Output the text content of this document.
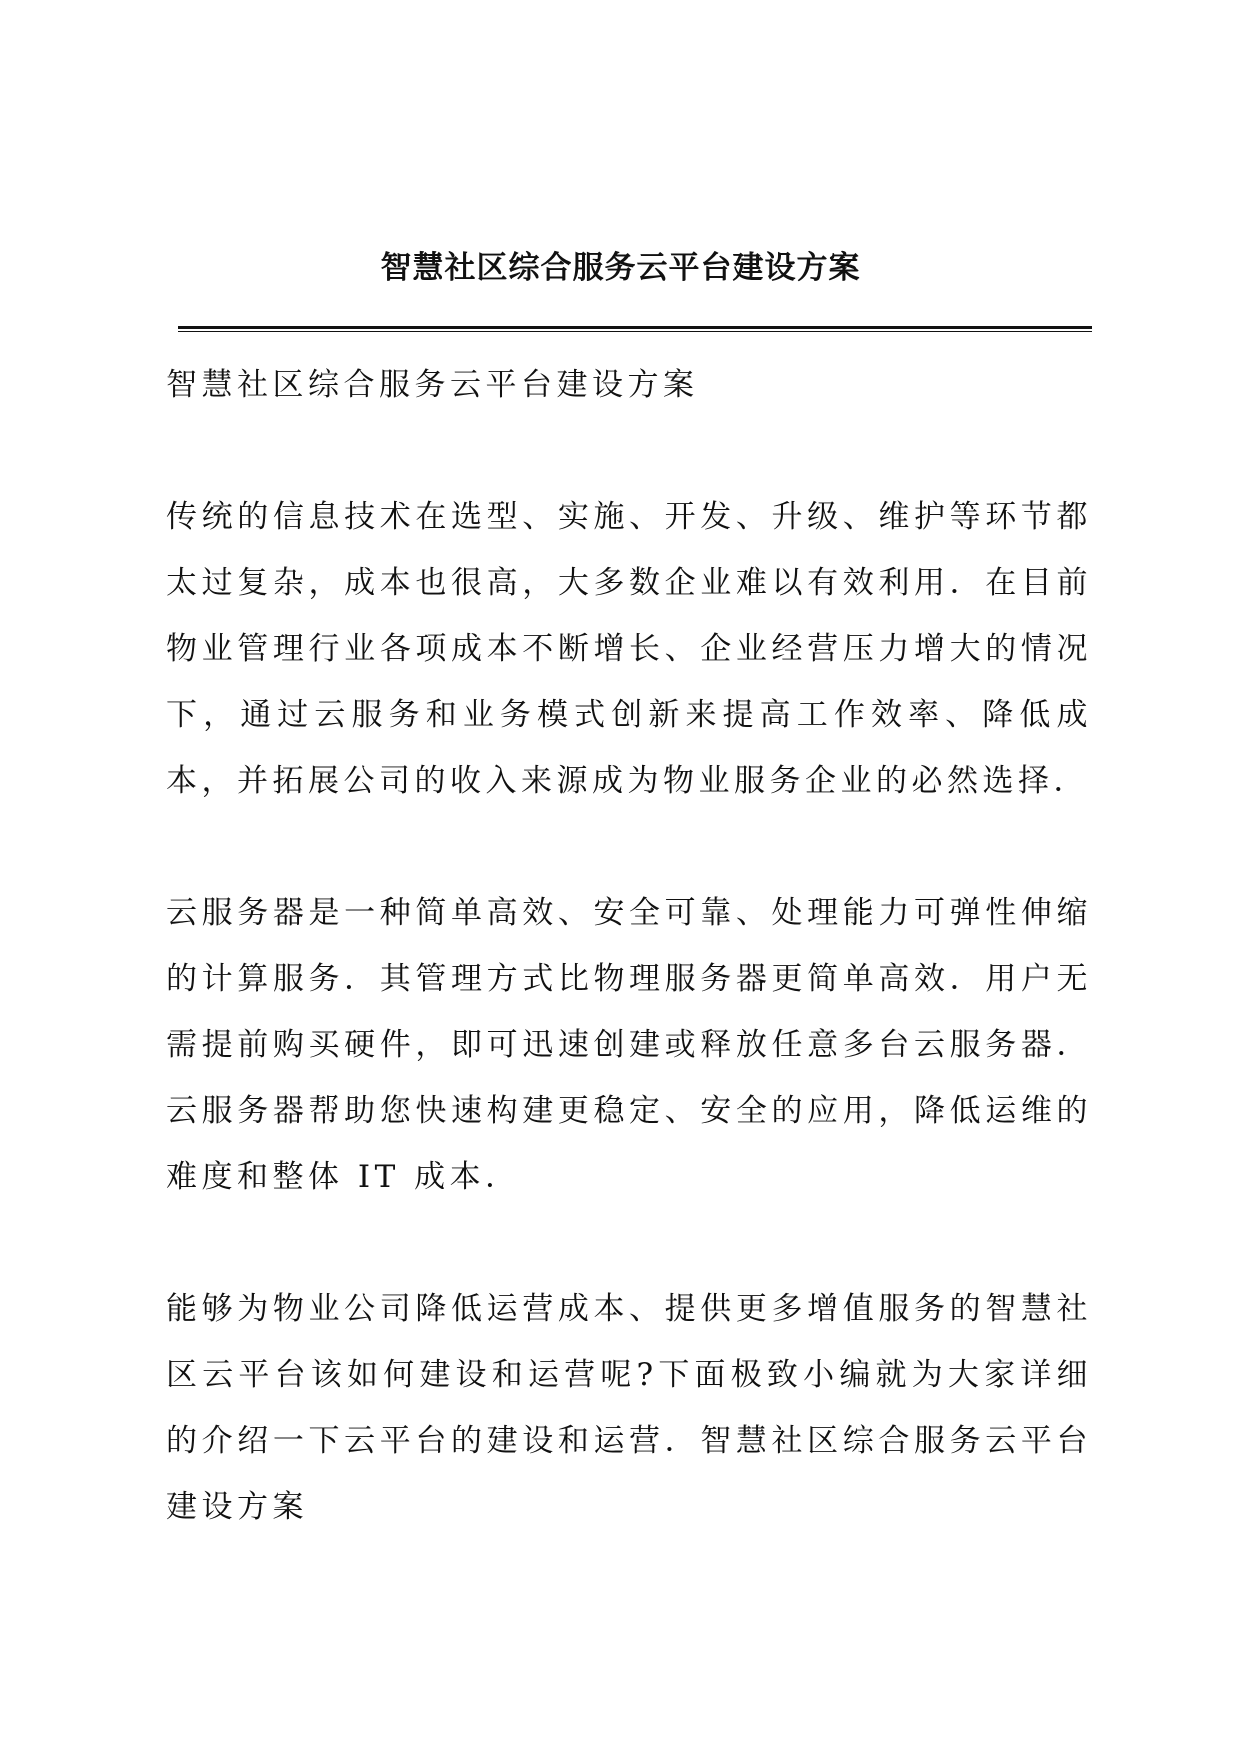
智慧社区综合服务云平台建设方案

智慧社区综合服务云平台建设方案

传统的信息技术在选型、实施、开发、升级、维护等环节都太过复杂，成本也很高，大多数企业难以有效利用．在目前物业管理行业各项成本不断增长、企业经营压力增大的情况下，通过云服务和业务模式创新来提高工作效率、降低成本，并拓展公司的收入来源成为物业服务企业的必然选择．

云服务器是一种简单高效、安全可靠、处理能力可弹性伸缩的计算服务．其管理方式比物理服务器更简单高效．用户无需提前购买硬件，即可迅速创建或释放任意多台云服务器．云服务器帮助您快速构建更稳定、安全的应用，降低运维的难度和整体 IT 成本．

能够为物业公司降低运营成本、提供更多增值服务的智慧社区云平台该如何建设和运营呢?下面极致小编就为大家详细的介绍一下云平台的建设和运营．智慧社区综合服务云平台建设方案
